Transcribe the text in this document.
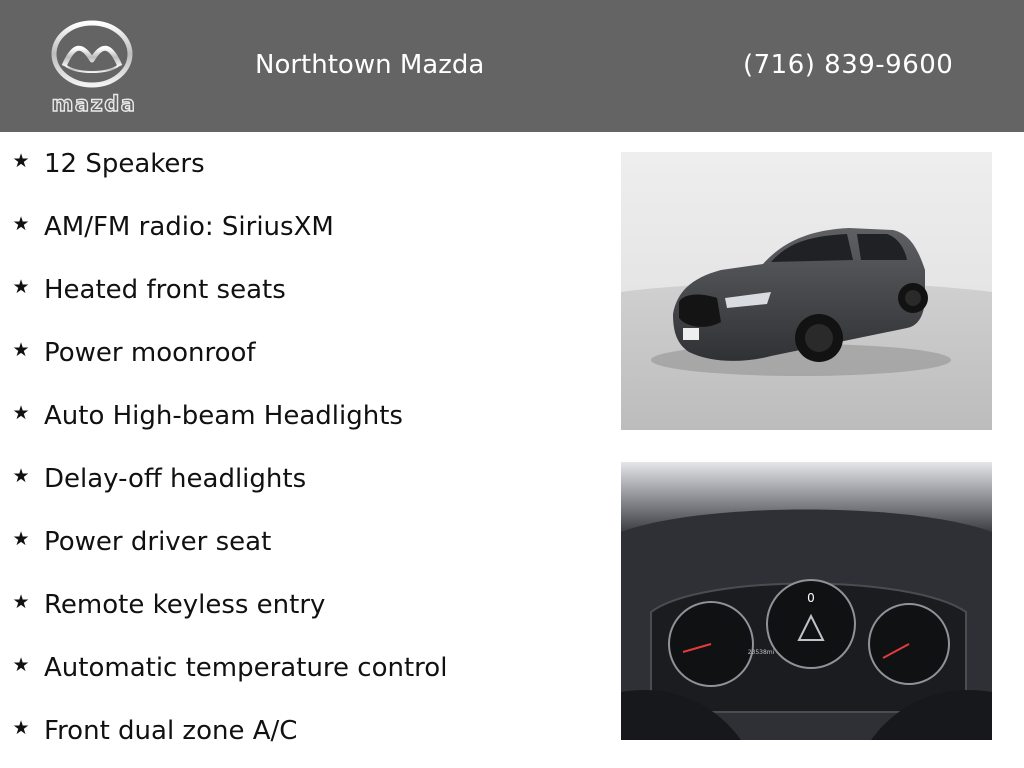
mazda
Northtown Mazda	(716) 839-9600
★ 12 Speakers
★ AM/FM radio: SiriusXM
★ Heated front seats
★ Power moonroof
★ Auto High-beam Headlights
★ Delay-off headlights
★ Power driver seat
★ Remote keyless entry
★ Automatic temperature control
★ Front dual zone A/C
0
23538mi
